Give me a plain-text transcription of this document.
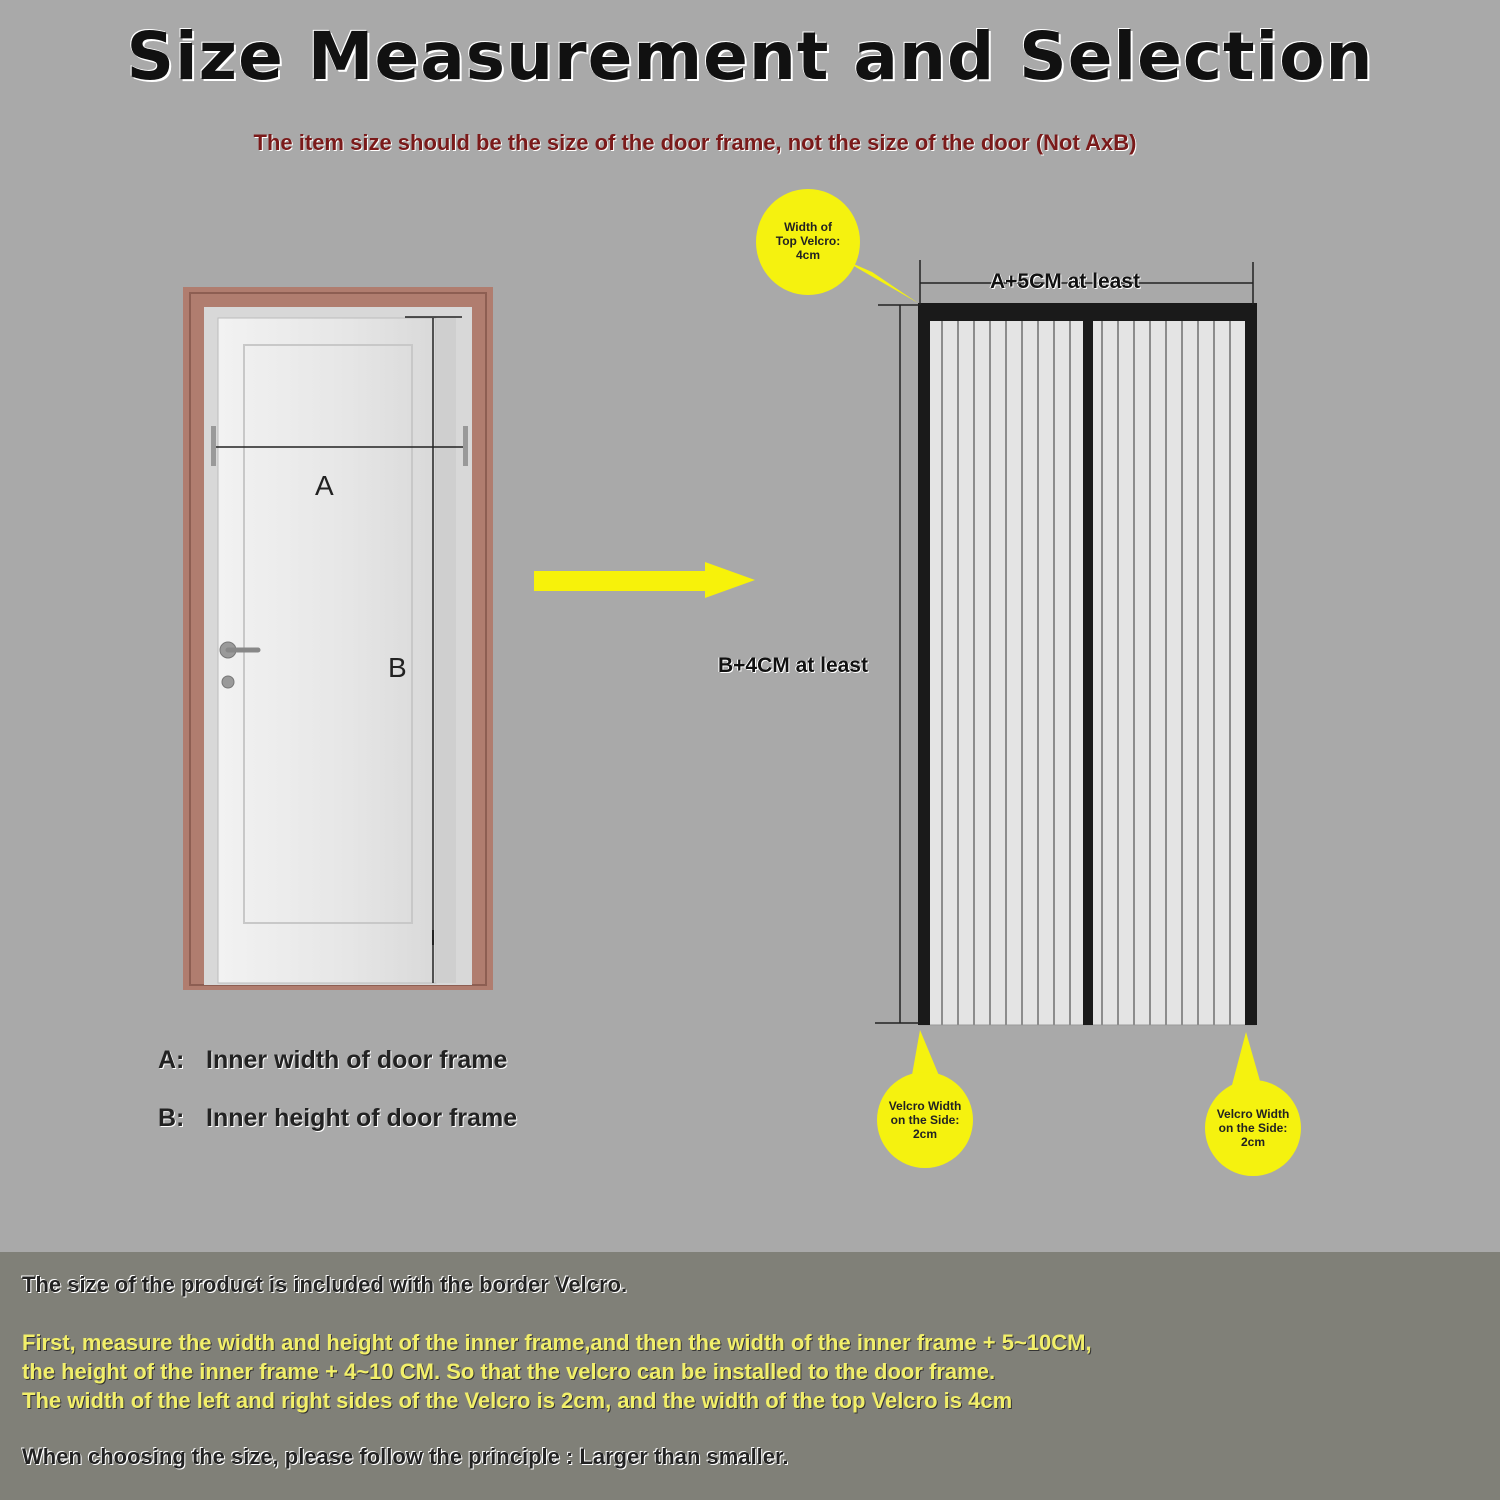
Size Measurement and Selection
The item size should be the size of the door frame, not the size of the door (Not AxB)
A
B
A+5CM at least
B+4CM at least
Width of
Top Velcro:
4cm
Velcro Width
on the Side:
2cm
Velcro Width
on the Side:
2cm
A: Inner width of door frame
B: Inner height of door frame
The size of the product is included with the border Velcro.
First, measure the width and height of the inner frame,and then the width of the inner frame + 5~10CM,
the height of the inner frame + 4~10 CM. So that the velcro can be installed to the door frame.
The width of the left and right sides of the Velcro is 2cm, and the width of the top Velcro is 4cm
When choosing the size, please follow the principle : Larger than smaller.
